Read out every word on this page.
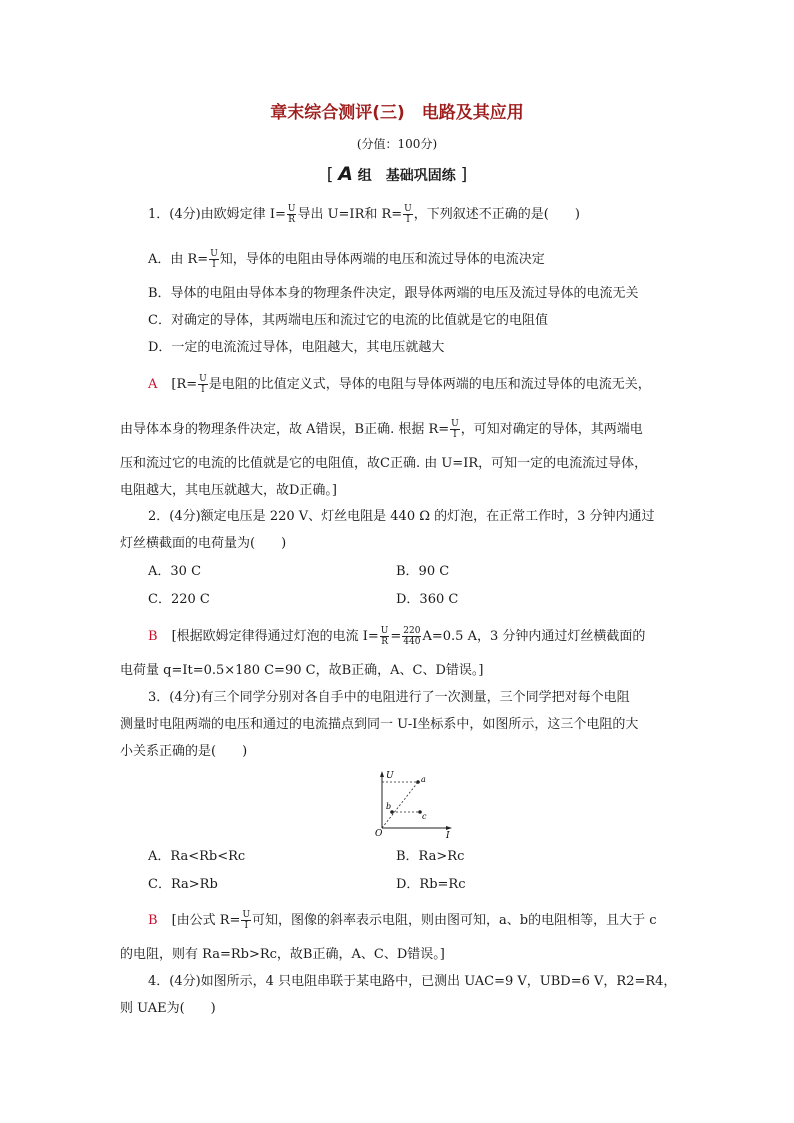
章末综合测评(三)　电路及其应用
(分值：100分)
[ A 组　基础巩固练 ]
1．(4分)由欧姆定律 $I= \frac{U}{R}$ 导出 U=IR和 $R= \frac{U}{I}$ ，下列叙述不正确的是(　　)
A．由 $R= \frac{U}{I}$ 知，导体的电阻由导体两端的电压和流过导体的电流决定
B．导体的电阻由导体本身的物理条件决定，跟导体两端的电压及流过导体的电流无关
C．对确定的导体，其两端电压和流过它的电流的比值就是它的电阻值
D．一定的电流流过导体，电阻越大，其电压就越大
A [$R= \frac{U}{I}$ 是电阻的比值定义式，导体的电阻与导体两端的电压和流过导体的电流无关，
由导体本身的物理条件决定，故 A错误，B正确. 根据 $R= \frac{U}{I}$ ，可知对确定的导体，其两端电
压和流过它的电流的比值就是它的电阻值，故C正确. 由 U=IR，可知一定的电流流过导体，
电阻越大，其电压就越大，故D正确。]
2．(4分)额定电压是 220 V、灯丝电阻是 440 Ω 的灯泡，在正常工作时，3 分钟内通过
灯丝横截面的电荷量为(　　)
A．30 C	B．90 C
C．220 C	D．360 C
B [根据欧姆定律得通过灯泡的电流 $I= \frac{U}{R} = \frac{220}{440} A=0.5$ A，3 分钟内通过灯丝横截面的
电荷量 q=It=0.5×180 C=90 C，故B正确，A、C、D错误。]
3．(4分)有三个同学分别对各自手中的电阻进行了一次测量，三个同学把对每个电阻
测量时电阻两端的电压和通过的电流描点到同一 U-I坐标系中，如图所示，这三个电阻的大
小关系正确的是(　　)
U
I
O
a
b
c
A．Ra<Rb<Rc	B．Ra>Rc
C．Ra>Rb	D．Rb=Rc
B [由公式 $R= \frac{U}{I}$ 可知，图像的斜率表示电阻，则由图可知，a、b的电阻相等，且大于 c
的电阻，则有 Ra=Rb>Rc，故B正确，A、C、D错误。]
4．(4分)如图所示，4 只电阻串联于某电路中，已测出 UAC=9 V，UBD=6 V，R2=R4，
则 UAE为(　　)
